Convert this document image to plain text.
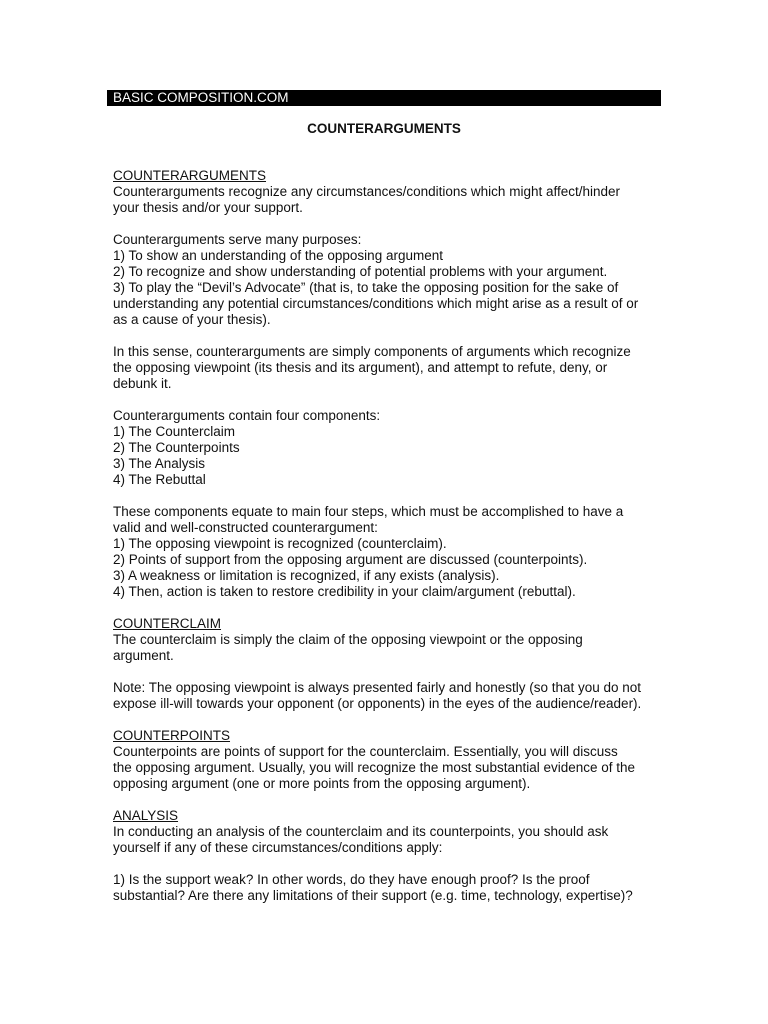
BASIC COMPOSITION.COM
COUNTERARGUMENTS
COUNTERARGUMENTS

Counterarguments recognize any circumstances/conditions which might affect/hinder
your thesis and/or your support.

Counterarguments serve many purposes:
1) To show an understanding of the opposing argument
2) To recognize and show understanding of potential problems with your argument.
3) To play the “Devil’s Advocate” (that is, to take the opposing position for the sake of
understanding any potential circumstances/conditions which might arise as a result of or
as a cause of your thesis).

In this sense, counterarguments are simply components of arguments which recognize
the opposing viewpoint (its thesis and its argument), and attempt to refute, deny, or
debunk it.

Counterarguments contain four components:
1) The Counterclaim
2) The Counterpoints
3) The Analysis
4) The Rebuttal

These components equate to main four steps, which must be accomplished to have a
valid and well-constructed counterargument:
1) The opposing viewpoint is recognized (counterclaim).
2) Points of support from the opposing argument are discussed (counterpoints).
3) A weakness or limitation is recognized, if any exists (analysis).
4) Then, action is taken to restore credibility in your claim/argument (rebuttal).

COUNTERCLAIM

The counterclaim is simply the claim of the opposing viewpoint or the opposing
argument.

Note: The opposing viewpoint is always presented fairly and honestly (so that you do not
expose ill-will towards your opponent (or opponents) in the eyes of the audience/reader).

COUNTERPOINTS

Counterpoints are points of support for the counterclaim. Essentially, you will discuss
the opposing argument. Usually, you will recognize the most substantial evidence of the
opposing argument (one or more points from the opposing argument).

ANALYSIS

In conducting an analysis of the counterclaim and its counterpoints, you should ask
yourself if any of these circumstances/conditions apply:

1) Is the support weak? In other words, do they have enough proof? Is the proof
substantial? Are there any limitations of their support (e.g. time, technology, expertise)?
